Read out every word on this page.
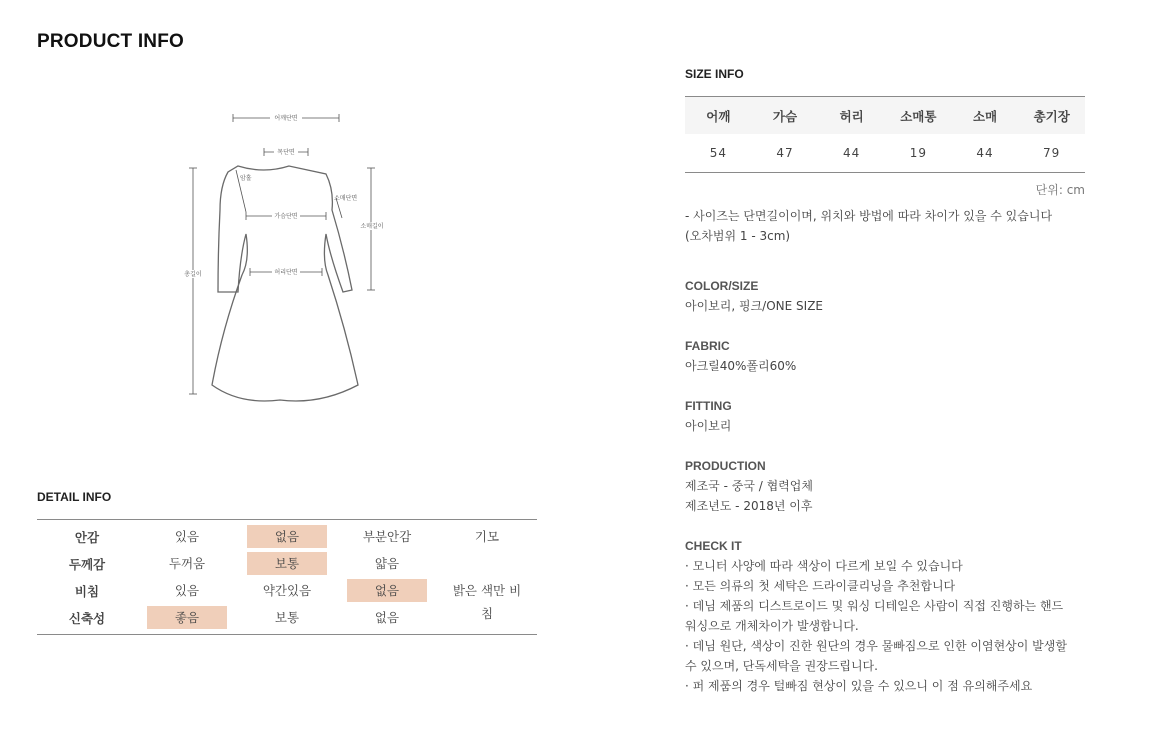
PRODUCT INFO
어깨단면
목단면
암홀
소매단면
소매길이
가슴단면
허리단면
총길이
DETAIL INFO
안감	있음	없음	부분안감	기모
두께감	두꺼움	보통	얇음
비침	있음	약간있음	없음	밝은 색만 비침
신축성	좋음	보통	없음
SIZE INFO
어깨	가슴	허리	소매통	소매	총기장
54	47	44	19	44	79
단위: cm
- 사이즈는 단면길이이며, 위치와 방법에 따라 차이가 있을 수 있습니다
(오차범위 1 - 3cm)
COLOR/SIZE
아이보리, 핑크/ONE SIZE
FABRIC
아크릴40%폴리60%
FITTING
아이보리
PRODUCTION
제조국 - 중국 / 협력업체
제조년도 - 2018년 이후
CHECK IT
· 모니터 사양에 따라 색상이 다르게 보일 수 있습니다
· 모든 의류의 첫 세탁은 드라이클리닝을 추천합니다
· 데님 제품의 디스트로이드 및 워싱 디테일은 사람이 직접 진행하는 핸드
워싱으로 개체차이가 발생합니다.
· 데님 원단, 색상이 진한 원단의 경우 물빠짐으로 인한 이염현상이 발생할
수 있으며, 단독세탁을 권장드립니다.
· 퍼 제품의 경우 털빠짐 현상이 있을 수 있으니 이 점 유의해주세요
